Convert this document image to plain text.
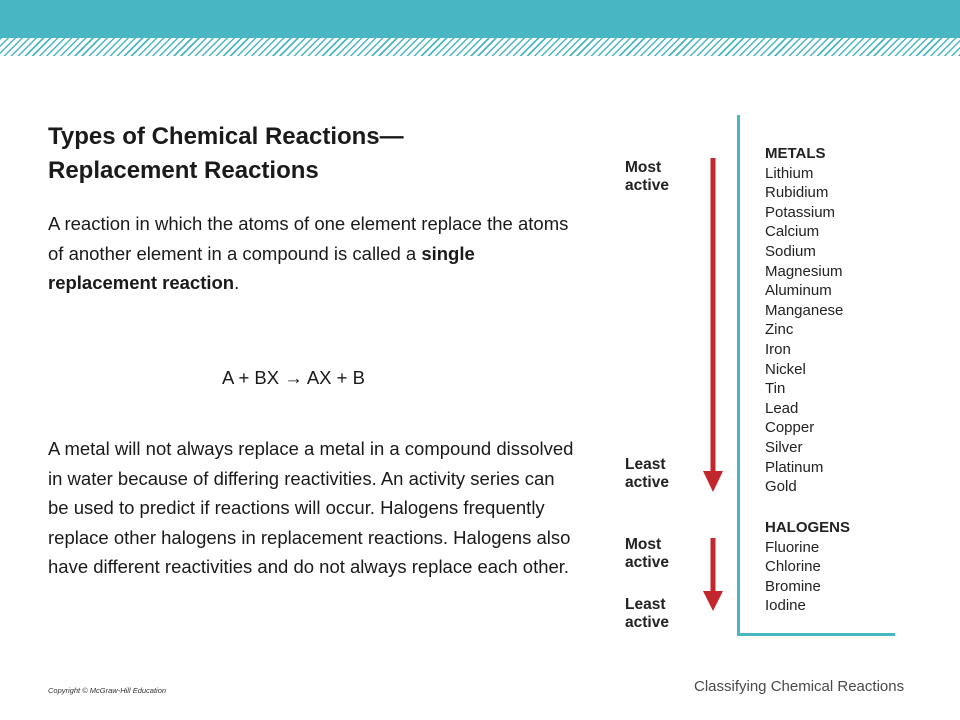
Types of Chemical Reactions—
Replacement Reactions

A reaction in which the atoms of one element replace the atoms of another element in a compound is called a single replacement reaction.

A + BX → AX + B

A metal will not always replace a metal in a compound dissolved in water because of differing reactivities. An activity series can be used to predict if reactions will occur. Halogens frequently replace other halogens in replacement reactions. Halogens also have different reactivities and do not always replace each other.

Most
active
Least
active
Most
active
Least
active
METALS
Lithium
Rubidium
Potassium
Calcium
Sodium
Magnesium
Aluminum
Manganese
Zinc
Iron
Nickel
Tin
Lead
Copper
Silver
Platinum
Gold
HALOGENS
Fluorine
Chlorine
Bromine
Iodine
Copyright © McGraw-Hill Education	Classifying Chemical Reactions
